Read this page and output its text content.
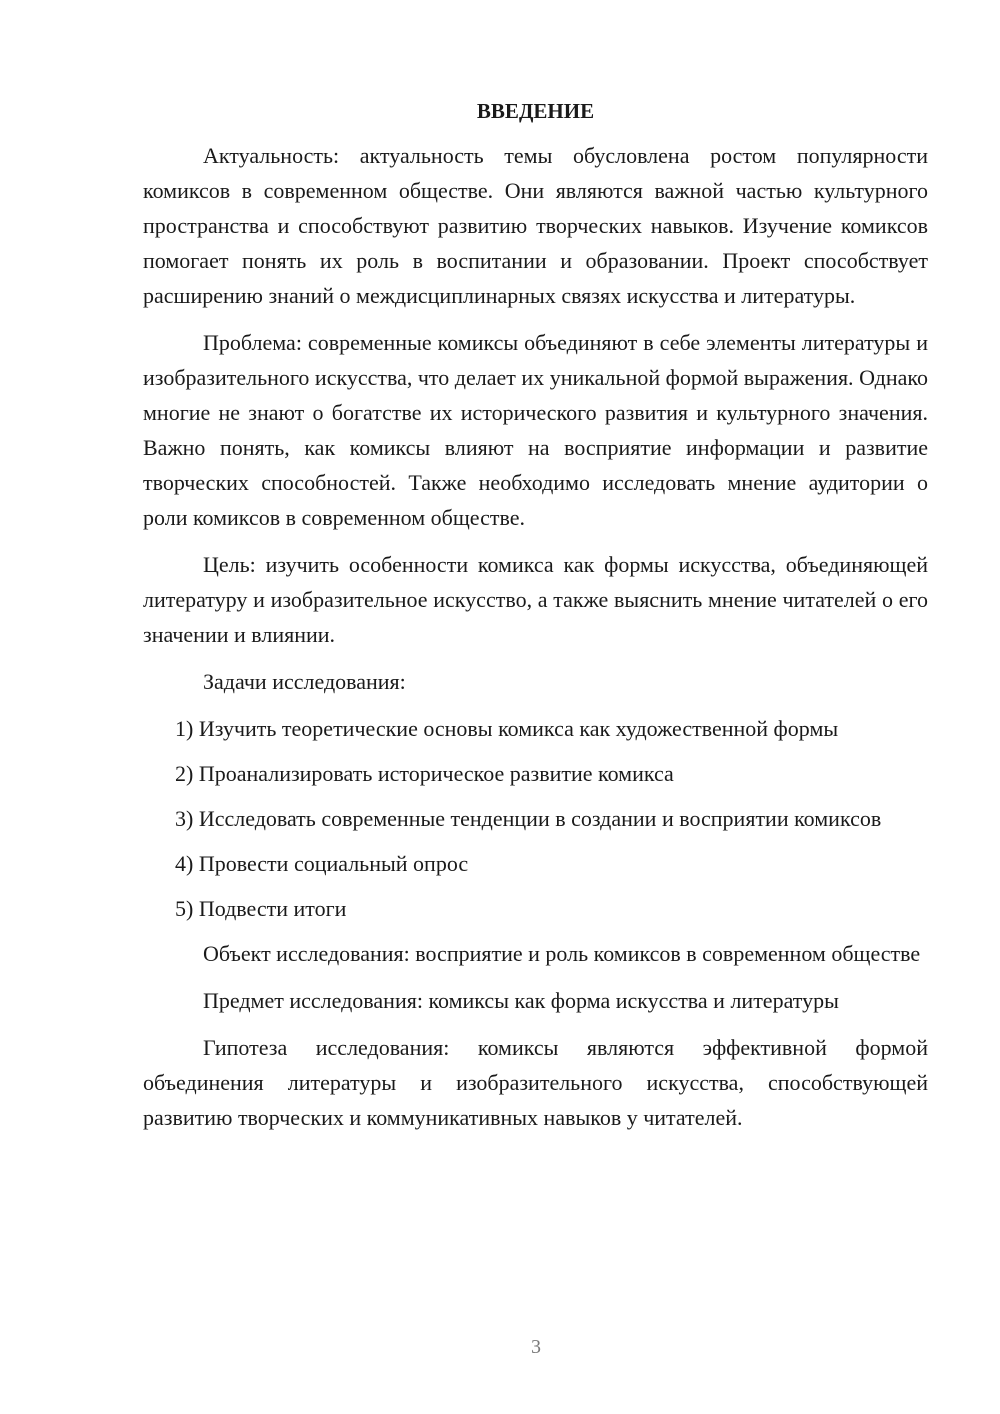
ВВЕДЕНИЕ

Актуальность: актуальность темы обусловлена ростом популярности комиксов в современном обществе. Они являются важной частью культурного пространства и способствуют развитию творческих навыков. Изучение комиксов помогает понять их роль в воспитании и образовании. Проект способствует расширению знаний о междисциплинарных связях искусства и литературы.

Проблема: современные комиксы объединяют в себе элементы литературы и изобразительного искусства, что делает их уникальной формой выражения. Однако многие не знают о богатстве их исторического развития и культурного значения. Важно понять, как комиксы влияют на восприятие информации и развитие творческих способностей. Также необходимо исследовать мнение аудитории о роли комиксов в современном обществе.

Цель: изучить особенности комикса как формы искусства, объединяющей литературу и изобразительное искусство, а также выяснить мнение читателей о его значении и влиянии.

Задачи исследования:

1) Изучить теоретические основы комикса как художественной формы

2) Проанализировать историческое развитие комикса

3) Исследовать современные тенденции в создании и восприятии комиксов

4) Провести социальный опрос

5) Подвести итоги

Объект исследования: восприятие и роль комиксов в современном обществе

Предмет исследования: комиксы как форма искусства и литературы

Гипотеза исследования: комиксы являются эффективной формой объединения литературы и изобразительного искусства, способствующей развитию творческих и коммуникативных навыков у читателей.

3
